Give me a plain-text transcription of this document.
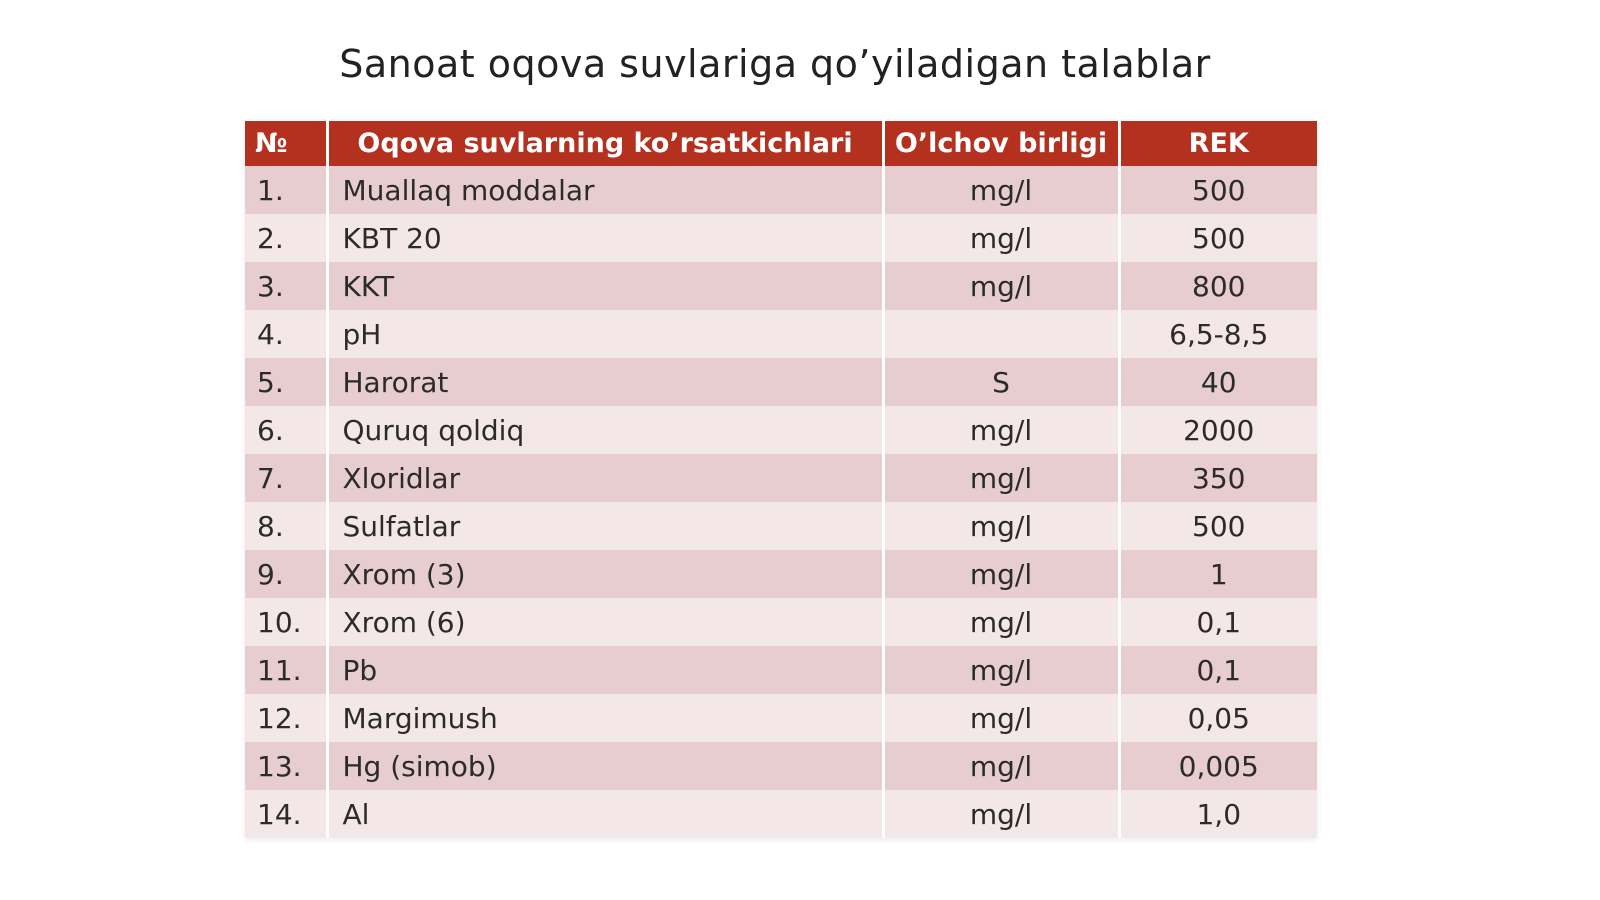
Sanoat oqova suvlariga qo’yiladigan talablar
№	Oqova suvlarning ko’rsatkichlari	O’lchov birligi	REK
1.	Muallaq moddalar	mg/l	500
2.	KBT 20	mg/l	500
3.	KKT	mg/l	800
4.	pH		6,5-8,5
5.	Harorat	S	40
6.	Quruq qoldiq	mg/l	2000
7.	Xloridlar	mg/l	350
8.	Sulfatlar	mg/l	500
9.	Xrom (3)	mg/l	1
10.	Xrom (6)	mg/l	0,1
11.	Pb	mg/l	0,1
12.	Margimush	mg/l	0,05
13.	Hg (simob)	mg/l	0,005
14.	Al	mg/l	1,0
